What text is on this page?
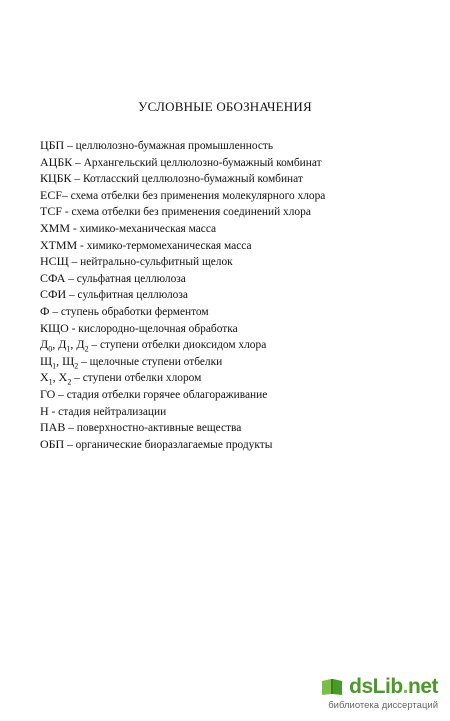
УСЛОВНЫЕ ОБОЗНАЧЕНИЯ
ЦБП – целлюлозно-бумажная промышленность
АЦБК – Архангельский целлюлозно-бумажный комбинат
КЦБК – Котласский целлюлозно-бумажный комбинат
ECF– схема отбелки без применения молекулярного хлора
TCF - схема отбелки без применения соединений хлора
ХММ - химико-механическая масса
ХТММ - химико-термомеханическая масса
НСЩ – нейтрально-сульфитный щелок
СФА – сульфатная целлюлоза
СФИ – сульфитная целлюлоза
Ф – ступень обработки ферментом
КЩО - кислородно-щелочная обработка
$Д_0$, $Д_1$, $Д_2$ – ступени отбелки диоксидом хлора
$Щ_1$, $Щ_2$ – щелочные ступени отбелки
$Х_1$, $Х_2$ – ступени отбелки хлором
ГО – стадия отбелки горячее облагораживание
Н - стадия нейтрализации
ПАВ – поверхностно-активные вещества
ОБП – органические биоразлагаемые продукты
dsLib.net
библиотека диссертаций
